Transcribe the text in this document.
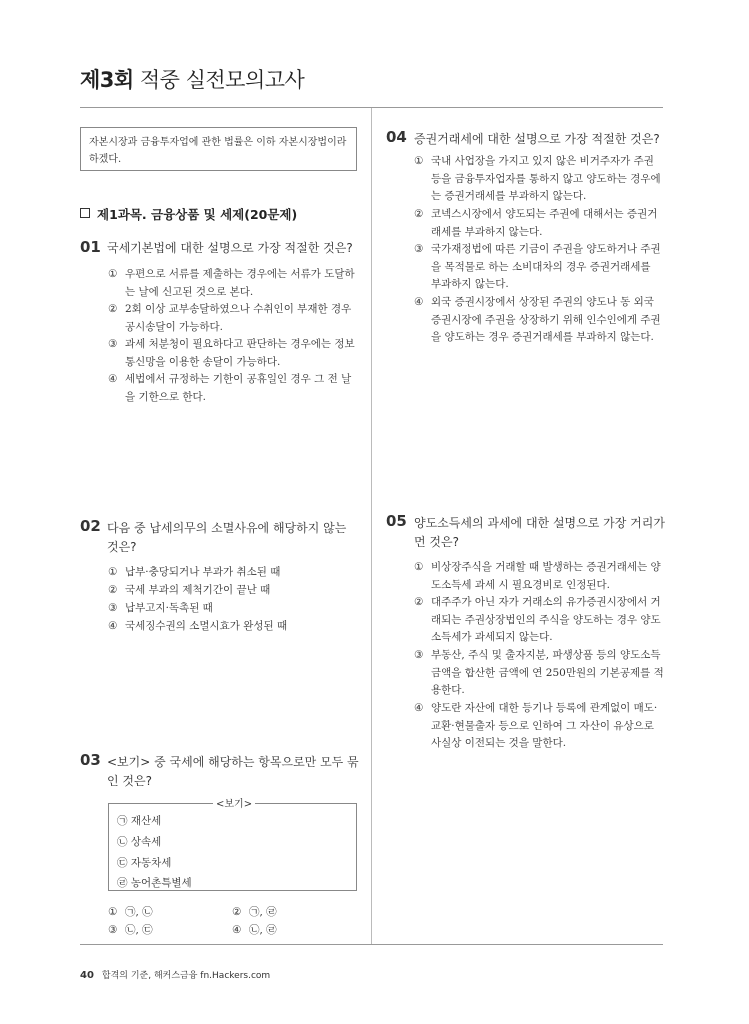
제3회 적중 실전모의고사
자본시장과 금융투자업에 관한 법률은 이하 자본시장법이라 하겠다.
제1과목. 금융상품 및 세제(20문제)
01 국세기본법에 대한 설명으로 가장 적절한 것은?
① 우편으로 서류를 제출하는 경우에는 서류가 도달하는 날에 신고된 것으로 본다.
② 2회 이상 교부송달하였으나 수취인이 부재한 경우 공시송달이 가능하다.
③ 과세 처분청이 필요하다고 판단하는 경우에는 정보통신망을 이용한 송달이 가능하다.
④ 세법에서 규정하는 기한이 공휴일인 경우 그 전 날을 기한으로 한다.
02 다음 중 납세의무의 소멸사유에 해당하지 않는 것은?
① 납부·충당되거나 부과가 취소된 때
② 국세 부과의 제척기간이 끝난 때
③ 납부고지·독촉된 때
④ 국세징수권의 소멸시효가 완성된 때
03 <보기> 중 국세에 해당하는 항목으로만 모두 묶인 것은?
<보기>
㉠ 재산세
㉡ 상속세
㉢ 자동차세
㉣ 농어촌특별세
① ㉠, ㉡	② ㉠, ㉣
③ ㉡, ㉢	④ ㉡, ㉣
04 증권거래세에 대한 설명으로 가장 적절한 것은?
① 국내 사업장을 가지고 있지 않은 비거주자가 주권 등을 금융투자업자를 통하지 않고 양도하는 경우에는 증권거래세를 부과하지 않는다.
② 코넥스시장에서 양도되는 주권에 대해서는 증권거래세를 부과하지 않는다.
③ 국가재정법에 따른 기금이 주권을 양도하거나 주권을 목적물로 하는 소비대차의 경우 증권거래세를 부과하지 않는다.
④ 외국 증권시장에서 상장된 주권의 양도나 동 외국 증권시장에 주권을 상장하기 위해 인수인에게 주권을 양도하는 경우 증권거래세를 부과하지 않는다.
05 양도소득세의 과세에 대한 설명으로 가장 거리가 먼 것은?
① 비상장주식을 거래할 때 발생하는 증권거래세는 양도소득세 과세 시 필요경비로 인정된다.
② 대주주가 아닌 자가 거래소의 유가증권시장에서 거래되는 주권상장법인의 주식을 양도하는 경우 양도소득세가 과세되지 않는다.
③ 부동산, 주식 및 출자지분, 파생상품 등의 양도소득금액을 합산한 금액에 연 250만원의 기본공제를 적용한다.
④ 양도란 자산에 대한 등기나 등록에 관계없이 매도·교환·현물출자 등으로 인하여 그 자산이 유상으로 사실상 이전되는 것을 말한다.
40 합격의 기준, 해커스금융 fn.Hackers.com
